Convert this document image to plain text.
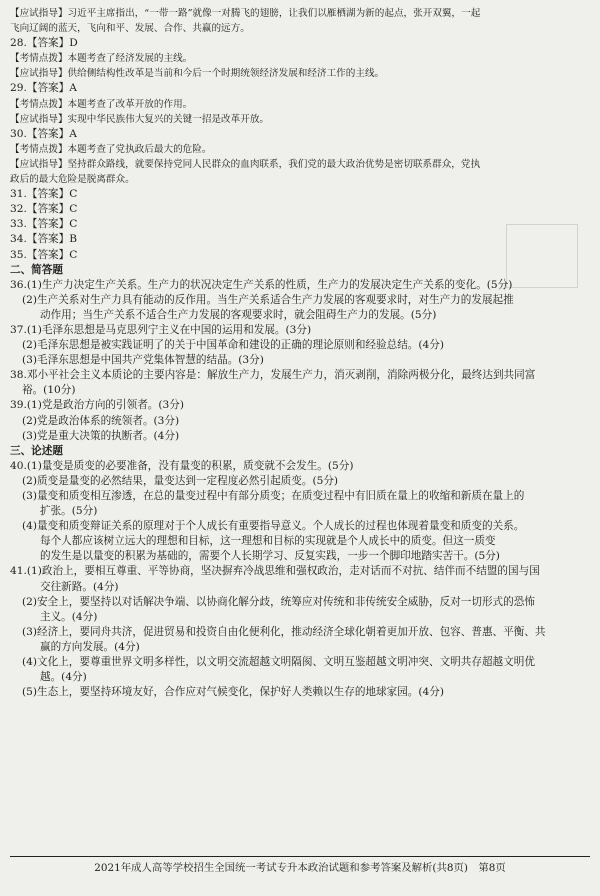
【应试指导】习近平主席指出，“一带一路”就像一对腾飞的翅膀，让我们以雁栖湖为新的起点，张开双翼，一起
飞向辽阔的蓝天，飞向和平、发展、合作、共赢的远方。
28.【答案】D
【考情点拨】本题考查了经济发展的主线。
【应试指导】供给侧结构性改革是当前和今后一个时期统领经济发展和经济工作的主线。
29.【答案】A
【考情点拨】本题考查了改革开放的作用。
【应试指导】实现中华民族伟大复兴的关键一招是改革开放。
30.【答案】A
【考情点拨】本题考查了党执政后最大的危险。
【应试指导】坚持群众路线，就要保持党同人民群众的血肉联系，我们党的最大政治优势是密切联系群众，党执
政后的最大危险是脱离群众。
31.【答案】C
32.【答案】C
33.【答案】C
34.【答案】B
35.【答案】C
二、简答题
36.(1)生产力决定生产关系。生产力的状况决定生产关系的性质，生产力的发展决定生产关系的变化。(5分)
(2)生产关系对生产力具有能动的反作用。当生产关系适合生产力发展的客观要求时，对生产力的发展起推
动作用；当生产关系不适合生产力发展的客观要求时，就会阻碍生产力的发展。(5分)
37.(1)毛泽东思想是马克思列宁主义在中国的运用和发展。(3分)
(2)毛泽东思想是被实践证明了的关于中国革命和建设的正确的理论原则和经验总结。(4分)
(3)毛泽东思想是中国共产党集体智慧的结晶。(3分)
38.邓小平社会主义本质论的主要内容是：解放生产力，发展生产力，消灭剥削，消除两极分化，最终达到共同富
裕。(10分)
39.(1)党是政治方向的引领者。(3分)
(2)党是政治体系的统领者。(3分)
(3)党是重大决策的执断者。(4分)
三、论述题
40.(1)量变是质变的必要准备，没有量变的积累，质变就不会发生。(5分)
(2)质变是量变的必然结果，量变达到一定程度必然引起质变。(5分)
(3)量变和质变相互渗透，在总的量变过程中有部分质变；在质变过程中有旧质在量上的收缩和新质在量上的
扩张。(5分)
(4)量变和质变辩证关系的原理对于个人成长有重要指导意义。个人成长的过程也体现着量变和质变的关系。
每个人都应该树立远大的理想和目标，这一理想和目标的实现就是个人成长中的质变。但这一质变
的发生是以量变的积累为基础的，需要个人长期学习、反复实践，一步一个脚印地踏实苦干。(5分)
41.(1)政治上，要相互尊重、平等协商，坚决摒弃冷战思维和强权政治，走对话而不对抗、结伴而不结盟的国与国
交往新路。(4分)
(2)安全上，要坚持以对话解决争端、以协商化解分歧，统筹应对传统和非传统安全威胁，反对一切形式的恐怖
主义。(4分)
(3)经济上，要同舟共济，促进贸易和投资自由化便利化，推动经济全球化朝着更加开放、包容、普惠、平衡、共
赢的方向发展。(4分)
(4)文化上，要尊重世界文明多样性，以文明交流超越文明隔阂、文明互鉴超越文明冲突、文明共存超越文明优
越。(4分)
(5)生态上，要坚持环境友好，合作应对气候变化，保护好人类赖以生存的地球家园。(4分)
2021年成人高等学校招生全国统一考试专升本政治试题和参考答案及解析(共8页)　第8页
